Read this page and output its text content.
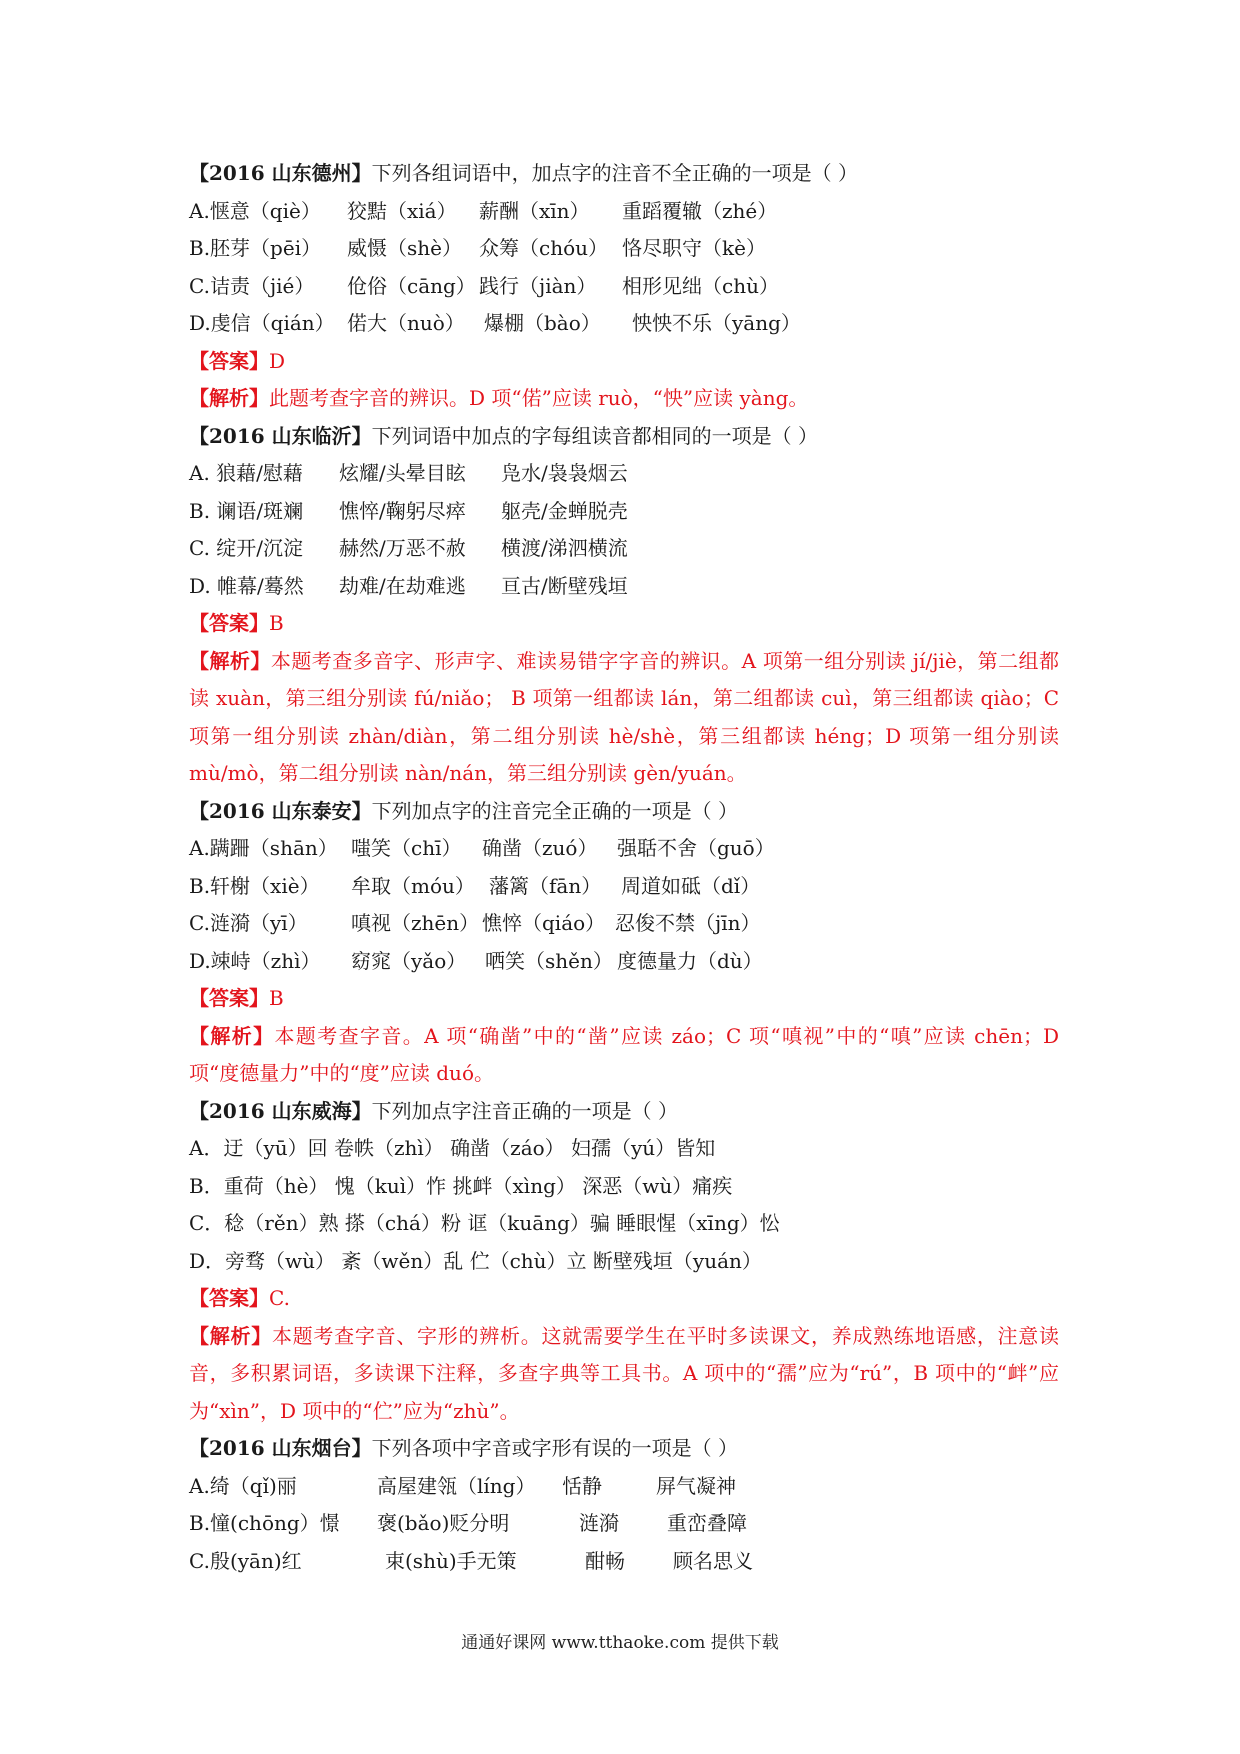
【2016 山东德州】下列各组词语中，加点字的注音不全正确的一项是（ ）
A.惬意（qiè） 狡黠（xiá） 薪酬（xīn） 重蹈覆辙（zhé）
B.胚芽（pēi） 威慑（shè） 众筹（chóu） 恪尽职守（kè）
C.诘责（jié） 伧俗（cāng） 践行（jiàn） 相形见绌（chù）
D.虔信（qián） 偌大（nuò） 爆棚（bào） 怏怏不乐（yāng）
【答案】D
【解析】此题考查字音的辨识。D 项“偌”应读 ruò，“怏”应读 yàng。
【2016 山东临沂】下列词语中加点的字每组读音都相同的一项是（ ）
A. 狼藉/慰藉 炫耀/头晕目眩 凫水/袅袅烟云
B. 谰语/斑斓 憔悴/鞠躬尽瘁 躯壳/金蝉脱壳
C. 绽开/沉淀 赫然/万恶不赦 横渡/涕泗横流
D. 帷幕/蓦然 劫难/在劫难逃 亘古/断壁残垣
【答案】B
【解析】本题考查多音字、形声字、难读易错字字音的辨识。A 项第一组分别读 jí/jiè，第二组都读 xuàn，第三组分别读 fú/niǎo； B 项第一组都读 lán，第二组都读 cuì，第三组都读 qiào；C 项第一组分别读 zhàn/diàn，第二组分别读 hè/shè，第三组都读 héng；D 项第一组分别读 mù/mò，第二组分别读 nàn/nán，第三组分别读 gèn/yuán。
【2016 山东泰安】下列加点字的注音完全正确的一项是（ ）
A.蹒跚（shān） 嗤笑（chī） 确凿（zuó） 强聒不舍（guō）
B.轩榭（xiè） 牟取（móu） 藩篱（fān） 周道如砥（dǐ）
C.涟漪（yī） 嗔视（zhēn） 憔悴（qiáo） 忍俊不禁（jīn）
D.竦峙（zhì） 窈窕（yǎo） 哂笑（shěn） 度德量力（dù）
【答案】B
【解析】本题考查字音。A 项“确凿”中的“凿”应读 záo；C 项“嗔视”中的“嗔”应读 chēn；D 项“度德量力”中的“度”应读 duó。
【2016 山东威海】下列加点字注音正确的一项是（ ）
A．迂（yū）回 卷帙（zhì） 确凿（záo） 妇孺（yú）皆知
B．重荷（hè） 愧（kuì）怍 挑衅（xìng） 深恶（wù）痛疾
C．稔（rěn）熟 搽（chá）粉 诓（kuāng）骗 睡眼惺（xīng）忪
D．旁骛（wù） 紊（wěn）乱 伫（chù）立 断壁残垣（yuán）
【答案】C.
【解析】本题考查字音、字形的辨析。这就需要学生在平时多读课文，养成熟练地语感，注意读音，多积累词语，多读课下注释，多查字典等工具书。A 项中的“孺”应为“rú”，B 项中的“衅”应为“xìn”，D 项中的“伫”应为“zhù”。
【2016 山东烟台】下列各项中字音或字形有误的一项是（ ）
A.绮（qǐ)丽	高屋建瓴（líng） 恬静	屏气凝神
B.憧(chōng）憬 褒(bǎo)贬分明	涟漪 重峦叠障
C.殷(yān)红	束(shù)手无策	酣畅 顾名思义
通通好课网 www.tthaoke.com 提供下载
